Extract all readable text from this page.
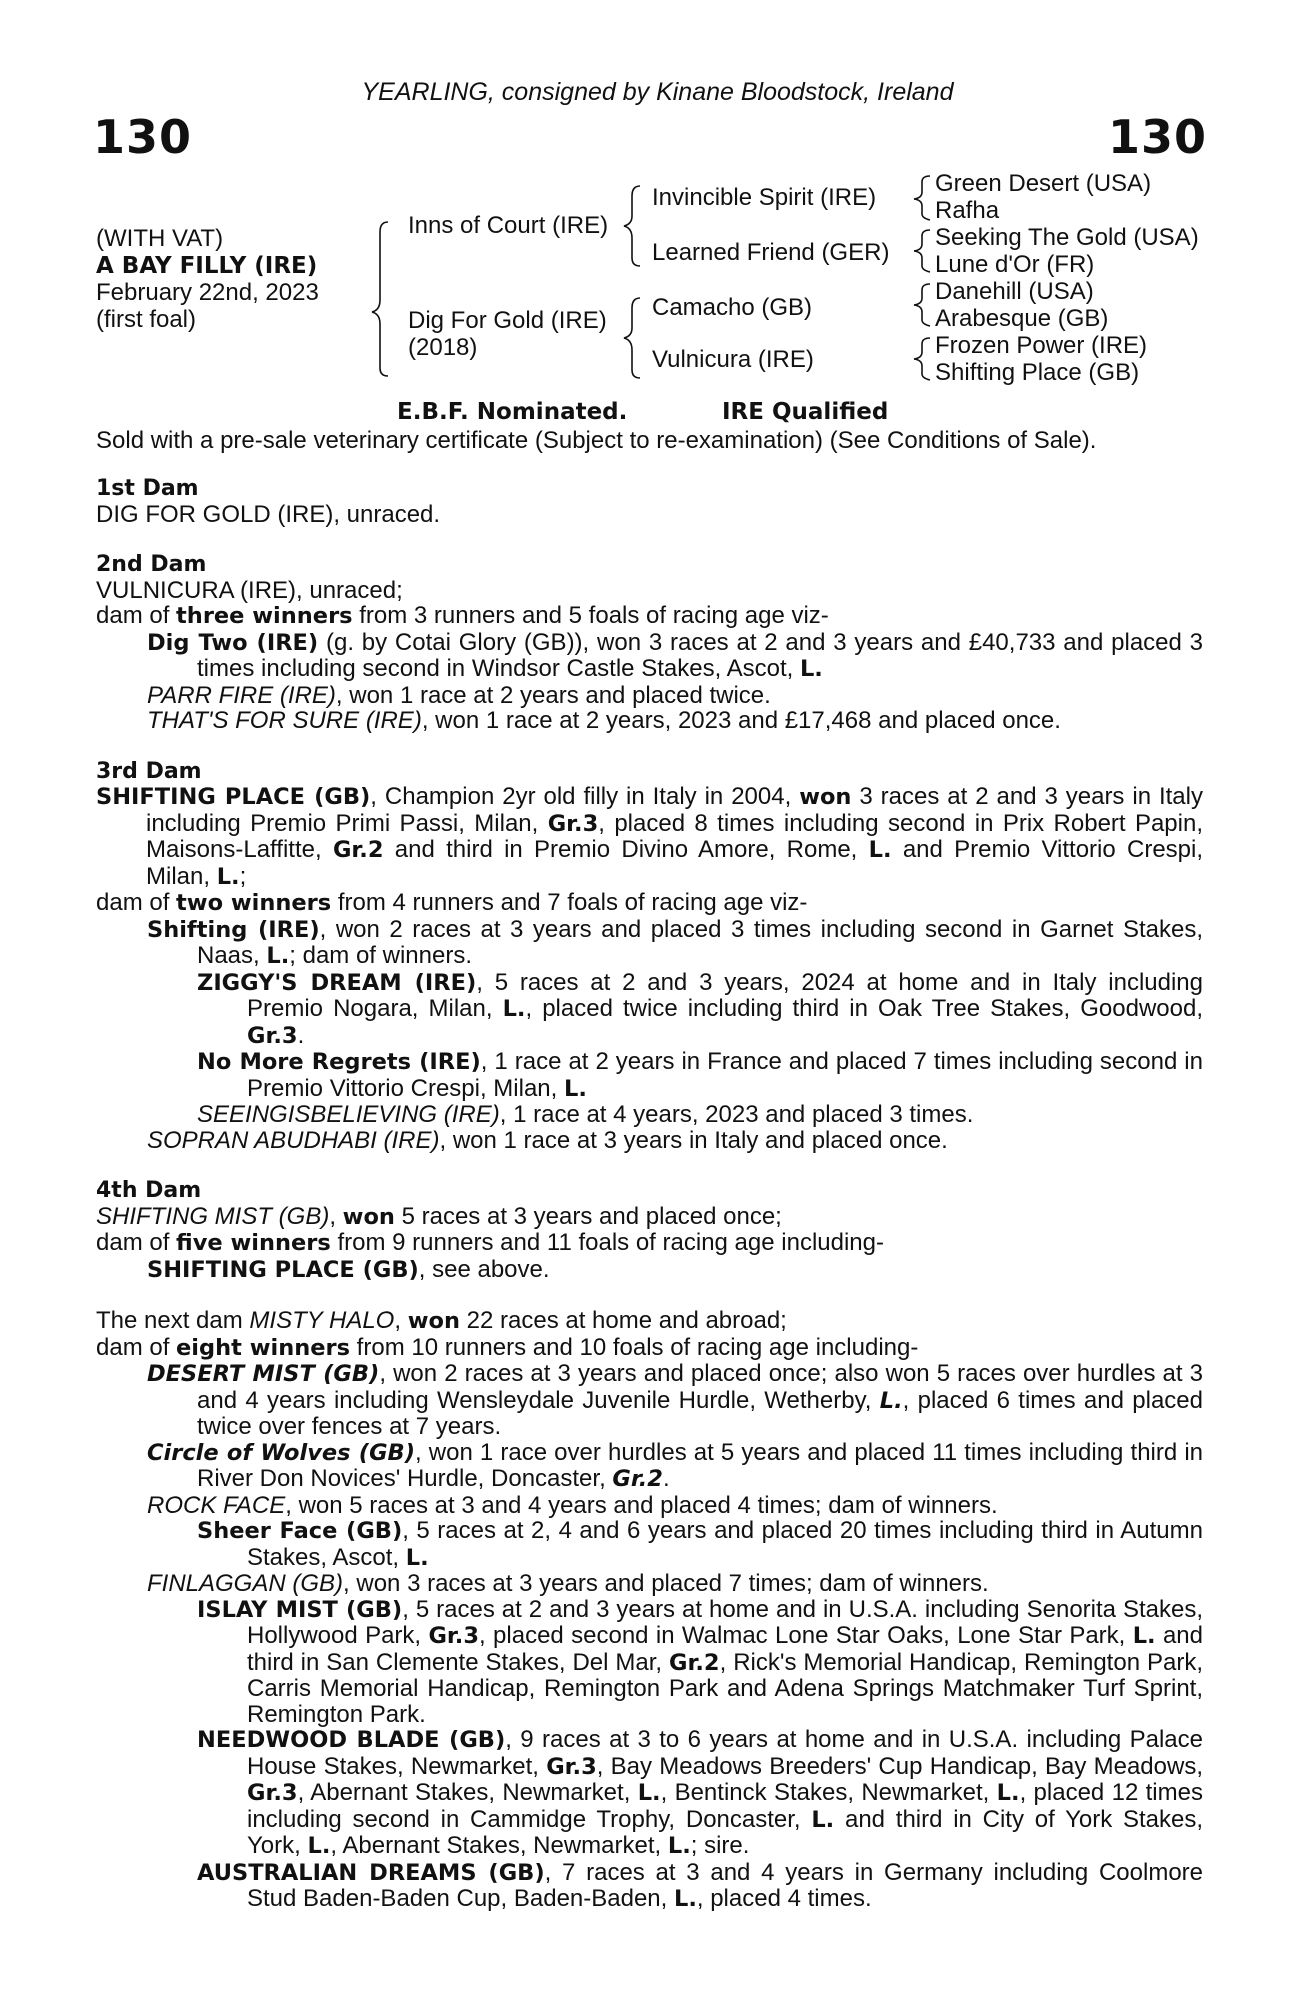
YEARLING, consigned by Kinane Bloodstock, Ireland
130	130
(WITH VAT)
A BAY FILLY (IRE)
February 22nd, 2023
(first foal)
Inns of Court (IRE)
Dig For Gold (IRE)
(2018)
Invincible Spirit (IRE)
Learned Friend (GER)
Camacho (GB)
Vulnicura (IRE)
Green Desert (USA)
Rafha
Seeking The Gold (USA)
Lune d'Or (FR)
Danehill (USA)
Arabesque (GB)
Frozen Power (IRE)
Shifting Place (GB)
E.B.F. Nominated.	IRE Qualified
Sold with a pre-sale veterinary certificate (Subject to re-examination) (See Conditions of Sale).
1st Dam
DIG FOR GOLD (IRE), unraced.
2nd Dam
VULNICURA (IRE), unraced;
dam of three winners from 3 runners and 5 foals of racing age viz-
Dig Two (IRE) (g. by Cotai Glory (GB)), won 3 races at 2 and 3 years and £40,733 and placed 3 times including second in Windsor Castle Stakes, Ascot, L.
PARR FIRE (IRE), won 1 race at 2 years and placed twice.
THAT'S FOR SURE (IRE), won 1 race at 2 years, 2023 and £17,468 and placed once.
3rd Dam
SHIFTING PLACE (GB), Champion 2yr old filly in Italy in 2004, won 3 races at 2 and 3 years in Italy including Premio Primi Passi, Milan, Gr.3, placed 8 times including second in Prix Robert Papin, Maisons-Laffitte, Gr.2 and third in Premio Divino Amore, Rome, L. and Premio Vittorio Crespi, Milan, L.;
dam of two winners from 4 runners and 7 foals of racing age viz-
Shifting (IRE), won 2 races at 3 years and placed 3 times including second in Garnet Stakes, Naas, L.; dam of winners.
ZIGGY'S DREAM (IRE), 5 races at 2 and 3 years, 2024 at home and in Italy including Premio Nogara, Milan, L., placed twice including third in Oak Tree Stakes, Goodwood, Gr.3.
No More Regrets (IRE), 1 race at 2 years in France and placed 7 times including second in Premio Vittorio Crespi, Milan, L.
SEEINGISBELIEVING (IRE), 1 race at 4 years, 2023 and placed 3 times.
SOPRAN ABUDHABI (IRE), won 1 race at 3 years in Italy and placed once.
4th Dam
SHIFTING MIST (GB), won 5 races at 3 years and placed once;
dam of five winners from 9 runners and 11 foals of racing age including-
SHIFTING PLACE (GB), see above.
The next dam MISTY HALO, won 22 races at home and abroad;
dam of eight winners from 10 runners and 10 foals of racing age including-
DESERT MIST (GB), won 2 races at 3 years and placed once; also won 5 races over hurdles at 3 and 4 years including Wensleydale Juvenile Hurdle, Wetherby, L., placed 6 times and placed twice over fences at 7 years.
Circle of Wolves (GB), won 1 race over hurdles at 5 years and placed 11 times including third in River Don Novices' Hurdle, Doncaster, Gr.2.
ROCK FACE, won 5 races at 3 and 4 years and placed 4 times; dam of winners.
Sheer Face (GB), 5 races at 2, 4 and 6 years and placed 20 times including third in Autumn Stakes, Ascot, L.
FINLAGGAN (GB), won 3 races at 3 years and placed 7 times; dam of winners.
ISLAY MIST (GB), 5 races at 2 and 3 years at home and in U.S.A. including Senorita Stakes, Hollywood Park, Gr.3, placed second in Walmac Lone Star Oaks, Lone Star Park, L. and third in San Clemente Stakes, Del Mar, Gr.2, Rick's Memorial Handicap, Remington Park, Carris Memorial Handicap, Remington Park and Adena Springs Matchmaker Turf Sprint, Remington Park.
NEEDWOOD BLADE (GB), 9 races at 3 to 6 years at home and in U.S.A. including Palace House Stakes, Newmarket, Gr.3, Bay Meadows Breeders' Cup Handicap, Bay Meadows, Gr.3, Abernant Stakes, Newmarket, L., Bentinck Stakes, Newmarket, L., placed 12 times including second in Cammidge Trophy, Doncaster, L. and third in City of York Stakes, York, L., Abernant Stakes, Newmarket, L.; sire.
AUSTRALIAN DREAMS (GB), 7 races at 3 and 4 years in Germany including Coolmore Stud Baden-Baden Cup, Baden-Baden, L., placed 4 times.
